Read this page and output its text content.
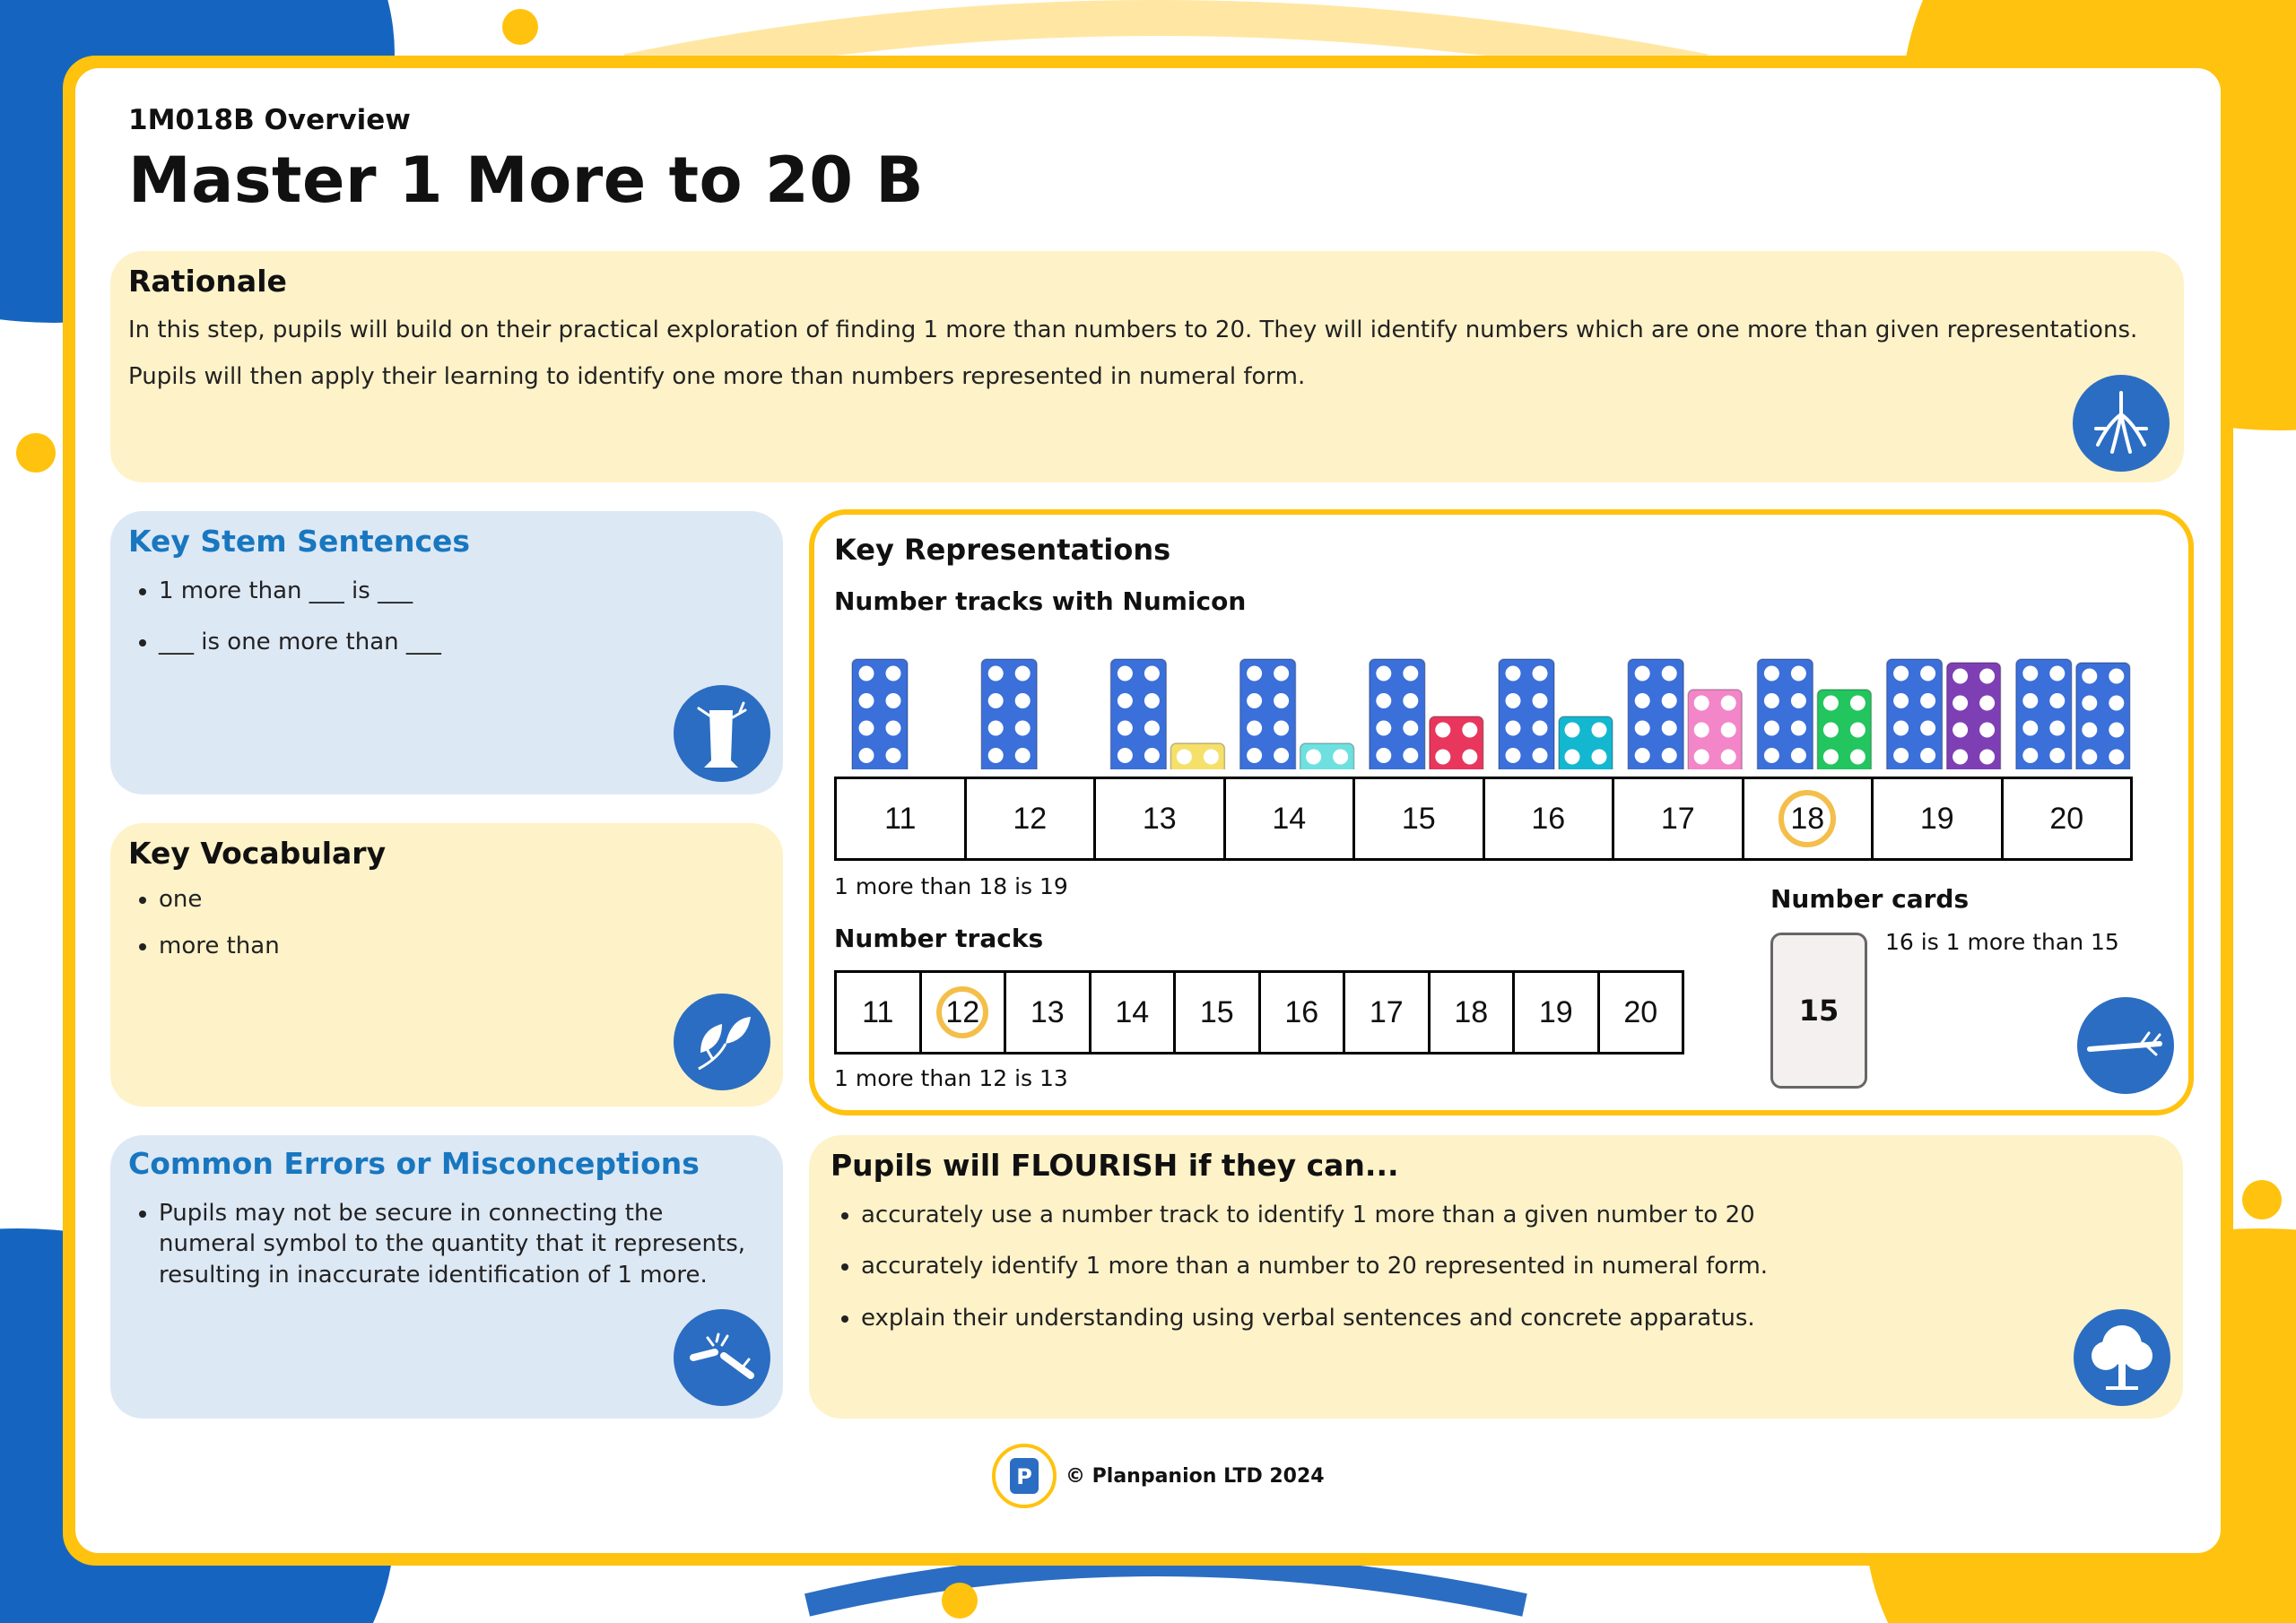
1M018B Overview
Master 1 More to 20 B
Rationale
In this step, pupils will build on their practical exploration of finding 1 more than numbers to 20. They will identify numbers which are one more than given representations.
Pupils will then apply their learning to identify one more than numbers represented in numeral form.
Key Stem Sentences
• 1 more than ___ is ___
• ___ is one more than ___
Key Vocabulary
• one
• more than
Common Errors or Misconceptions
• Pupils may not be secure in connecting the numeral symbol to the quantity that it represents, resulting in inaccurate identification of 1 more.
Key Representations
Number tracks with Numicon
11	12	13	14	15	16	17	18	19	20
1 more than 18 is 19
Number tracks
11 12 13 14 15 16 17 18 19 20
1 more than 12 is 13
Number cards
15
16 is 1 more than 15
Pupils will FLOURISH if they can...
• accurately use a number track to identify 1 more than a given number to 20
• accurately identify 1 more than a number to 20 represented in numeral form.
• explain their understanding using verbal sentences and concrete apparatus.
P © Planpanion LTD 2024
